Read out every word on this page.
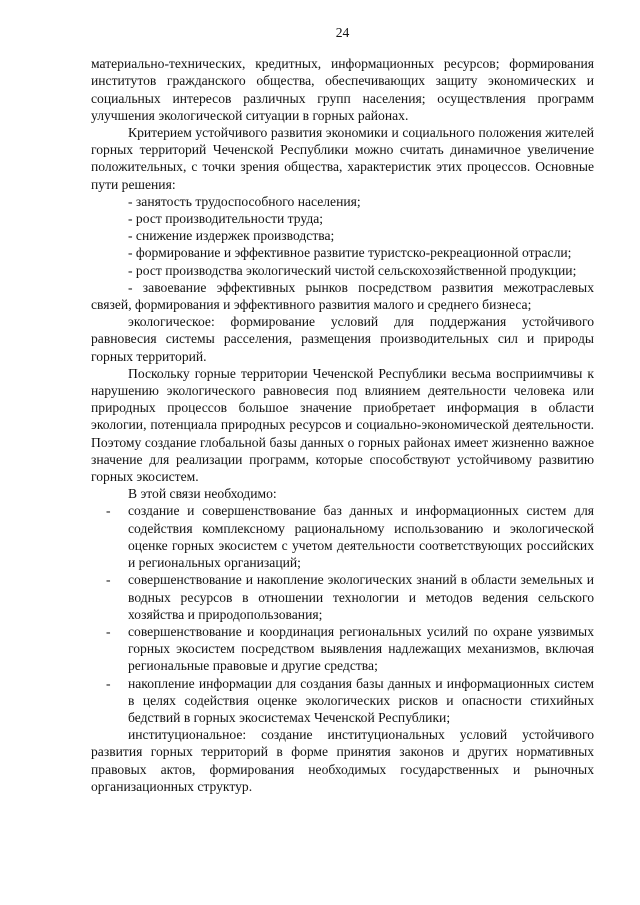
24

материально-технических, кредитных, информационных ресурсов; формирования институтов гражданского общества, обеспечивающих защиту экономических и социальных интересов различных групп населения; осуществления программ улучшения экологической ситуации в горных районах.

Критерием устойчивого развития экономики и социального положения жителей горных территорий Чеченской Республики можно считать динамичное увеличение положительных, с точки зрения общества, характеристик этих процессов. Основные пути решения:

- занятость трудоспособного населения;

- рост производительности труда;

- снижение издержек производства;

- формирование и эффективное развитие туристско-рекреационной отрасли;

- рост производства экологический чистой сельскохозяйственной продукции;

- завоевание эффективных рынков посредством развития межотраслевых связей, формирования и эффективного развития малого и среднего бизнеса;

экологическое: формирование условий для поддержания устойчивого равновесия системы расселения, размещения производительных сил и природы горных территорий.

Поскольку горные территории Чеченской Республики весьма восприимчивы к нарушению экологического равновесия под влиянием деятельности человека или природных процессов большое значение приобретает информация в области экологии, потенциала природных ресурсов и социально-экономической деятельности. Поэтому создание глобальной базы данных о горных районах имеет жизненно важное значение для реализации программ, которые способствуют устойчивому развитию горных экосистем.

В этой связи необходимо:

- создание и совершенствование баз данных и информационных систем для содействия комплексному рациональному использованию и экологической оценке горных экосистем с учетом деятельности соответствующих российских и региональных организаций;
- совершенствование и накопление экологических знаний в области земельных и водных ресурсов в отношении технологии и методов ведения сельского хозяйства и природопользования;
- совершенствование и координация региональных усилий по охране уязвимых горных экосистем посредством выявления надлежащих механизмов, включая региональные правовые и другие средства;
- накопление информации для создания базы данных и информационных систем в целях содействия оценке экологических рисков и опасности стихийных бедствий в горных экосистемах Чеченской Республики;

институциональное: создание институциональных условий устойчивого развития горных территорий в форме принятия законов и других нормативных правовых актов, формирования необходимых государственных и рыночных организационных структур.
